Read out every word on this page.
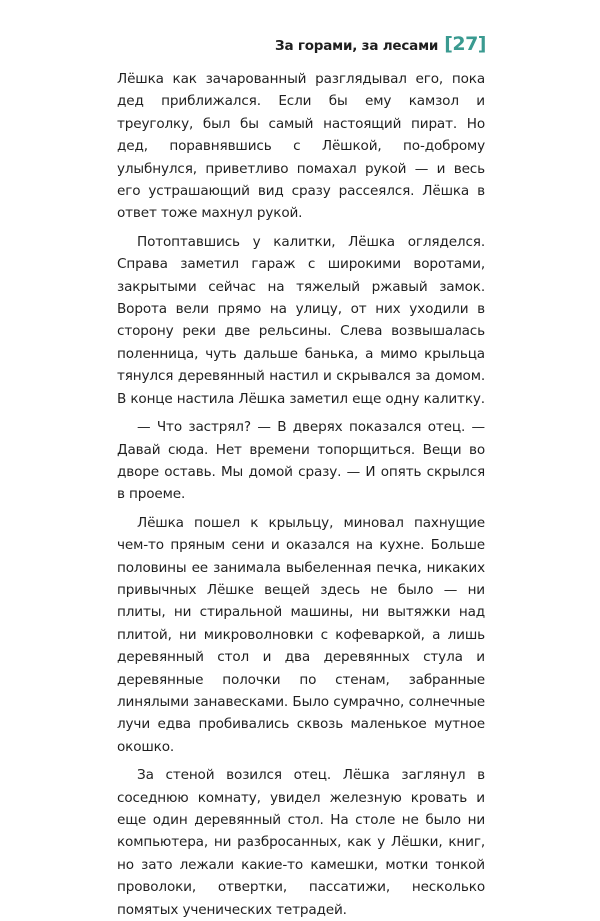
За горами, за лесами [27]

Лёшка как зачарованный разглядывал его, пока дед приближался. Если бы ему камзол и треуголку, был бы самый настоящий пират. Но дед, поравнявшись с Лёшкой, по-доброму улыбнулся, приветливо помахал рукой — и весь его устрашающий вид сразу рассеялся. Лёшка в ответ тоже махнул рукой.

Потоптавшись у калитки, Лёшка огляделся. Справа заметил гараж с широкими воротами, закрытыми сейчас на тяжелый ржавый замок. Ворота вели прямо на улицу, от них уходили в сторону реки две рельсины. Слева возвышалась поленница, чуть дальше банька, а мимо крыльца тянулся деревянный настил и скрывался за домом. В конце настила Лёшка заметил еще одну калитку.

— Что застрял? — В дверях показался отец. — Давай сюда. Нет времени топорщиться. Вещи во дворе оставь. Мы домой сразу. — И опять скрылся в проеме.

Лёшка пошел к крыльцу, миновал пахнущие чем-то пряным сени и оказался на кухне. Больше половины ее занимала выбеленная печка, никаких привычных Лёшке вещей здесь не было — ни плиты, ни стиральной машины, ни вытяжки над плитой, ни микроволновки с кофеваркой, а лишь деревянный стол и два деревянных стула и деревянные полочки по стенам, забранные линялыми занавесками. Было сумрачно, солнечные лучи едва пробивались сквозь маленькое мутное окошко.

За стеной возился отец. Лёшка заглянул в соседнюю комнату, увидел железную кровать и еще один деревянный стол. На столе не было ни компьютера, ни разбросанных, как у Лёшки, книг, но зато лежали какие-то камешки, мотки тонкой проволоки, отвертки, пассатижи, несколько помятых ученических тетрадей.
